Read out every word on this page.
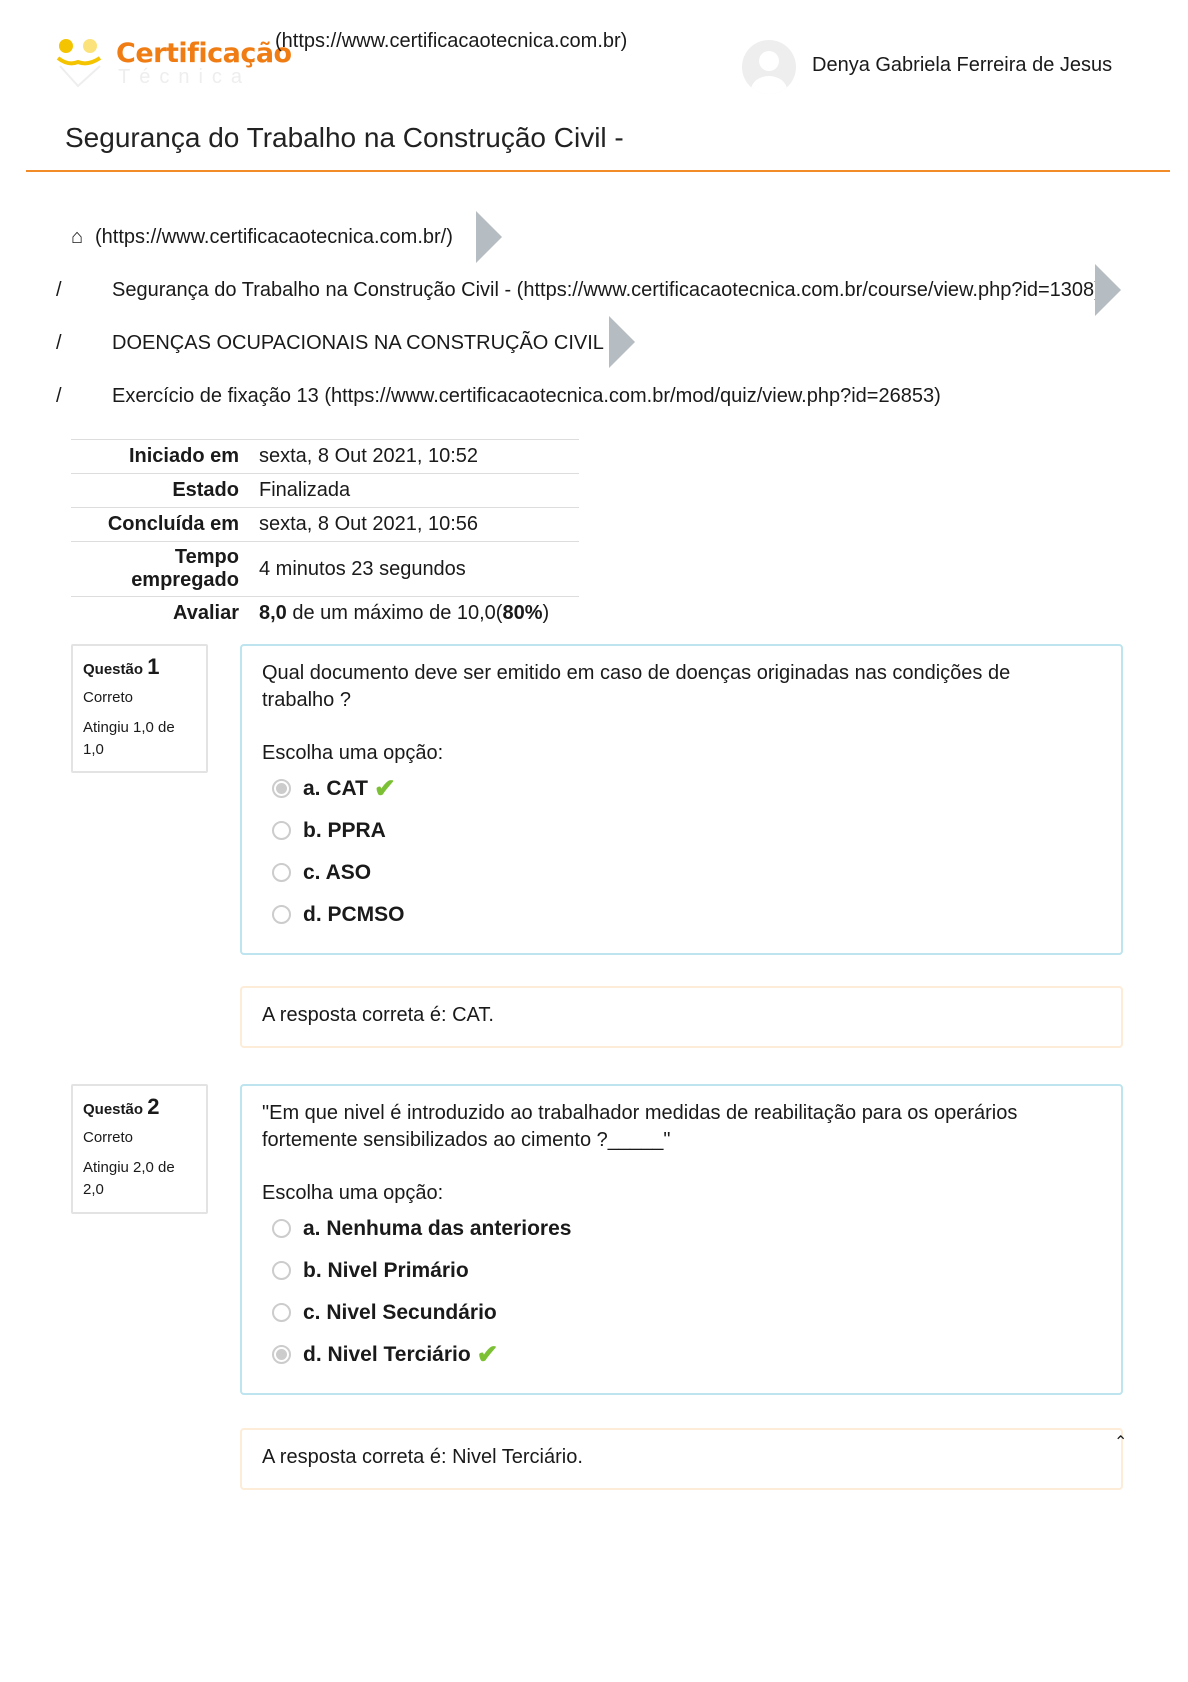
Certificação
Técnica
(https://www.certificacaotecnica.com.br)
Denya Gabriela Ferreira de Jesus
Segurança do Trabalho na Construção Civil -
⌂ (https://www.certificacaotecnica.com.br/)
/	Segurança do Trabalho na Construção Civil - (https://www.certificacaotecnica.com.br/course/view.php?id=1308)
/	DOENÇAS OCUPACIONAIS NA CONSTRUÇÃO CIVIL
/	Exercício de fixação 13 (https://www.certificacaotecnica.com.br/mod/quiz/view.php?id=26853)
Iniciado em	sexta, 8 Out 2021, 10:52
Estado	Finalizada
Concluída em	sexta, 8 Out 2021, 10:56
Tempo empregado	4 minutos 23 segundos
Avaliar	8,0 de um máximo de 10,0(80%)
Questão 1
Correto
Atingiu 1,0 de 1,0
Qual documento deve ser emitido em caso de doenças originadas nas condições de trabalho ?
Escolha uma opção:
a. CAT ✔
b. PPRA
c. ASO
d. PCMSO
A resposta correta é: CAT.
Questão 2
Correto
Atingiu 2,0 de 2,0
"Em que nivel é introduzido ao trabalhador medidas de reabilitação para os operários fortemente sensibilizados ao cimento ?_____"
Escolha uma opção:
a. Nenhuma das anteriores
b. Nivel Primário
c. Nivel Secundário
d. Nivel Terciário ✔
A resposta correta é: Nivel Terciário.
⌃
